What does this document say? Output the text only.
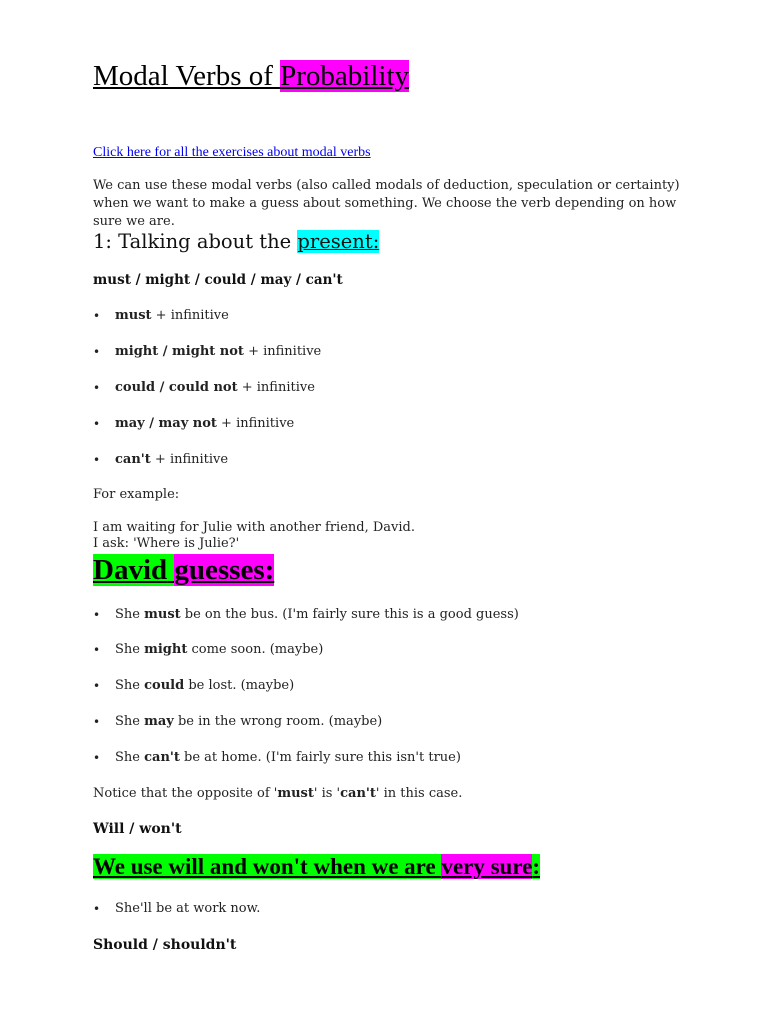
Modal Verbs of Probability
Click here for all the exercises about modal verbs

We can use these modal verbs (also called modals of deduction, speculation or certainty) when we want to make a guess about something. We choose the verb depending on how sure we are.

1: Talking about the present:
must / might / could / may / can't
• must + infinitive
• might / might not + infinitive
• could / could not + infinitive
• may / may not + infinitive
• can't + infinitive
For example:
I am waiting for Julie with another friend, David.
I ask: 'Where is Julie?'
David guesses:
• She must be on the bus. (I'm fairly sure this is a good guess)
• She might come soon. (maybe)
• She could be lost. (maybe)
• She may be in the wrong room. (maybe)
• She can't be at home. (I'm fairly sure this isn't true)
Notice that the opposite of 'must' is 'can't' in this case.
Will / won't
We use will and won't when we are very sure:
• She'll be at work now.
Should / shouldn't
